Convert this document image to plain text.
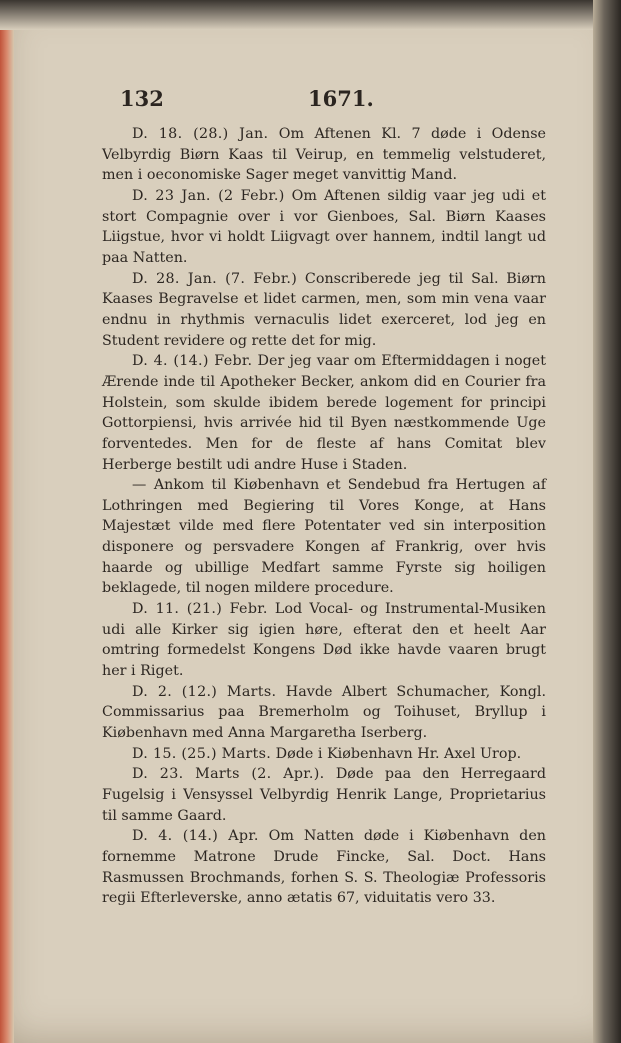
132	1671.

D. 18. (28.) Jan. Om Aftenen Kl. 7 døde i Odense Velbyrdig Biørn Kaas til Veirup, en temmelig velstuderet, men i oeconomiske Sager meget vanvittig Mand.

D. 23 Jan. (2 Febr.) Om Aftenen sildig vaar jeg udi et stort Compagnie over i vor Gienboes, Sal. Biørn Kaases Liigstue, hvor vi holdt Liigvagt over hannem, indtil langt ud paa Natten.

D. 28. Jan. (7. Febr.) Conscriberede jeg til Sal. Biørn Kaases Begravelse et lidet carmen, men, som min vena vaar endnu in rhythmis vernaculis lidet exerceret, lod jeg en Student revidere og rette det for mig.

D. 4. (14.) Febr. Der jeg vaar om Eftermiddagen i noget Ærende inde til Apotheker Becker, ankom did en Courier fra Holstein, som skulde ibidem berede logement for principi Gottorpiensi, hvis arrivée hid til Byen næstkommende Uge forventedes. Men for de fleste af hans Comitat blev Herberge bestilt udi andre Huse i Staden.

— Ankom til Kiøbenhavn et Sendebud fra Hertugen af Lothringen med Begiering til Vores Konge, at Hans Majestæt vilde med flere Potentater ved sin interposition disponere og persvadere Kongen af Frankrig, over hvis haarde og ubillige Medfart samme Fyrste sig hoiligen beklagede, til nogen mildere procedure.

D. 11. (21.) Febr. Lod Vocal- og Instrumental-Musiken udi alle Kirker sig igien høre, efterat den et heelt Aar omtring formedelst Kongens Død ikke havde vaaren brugt her i Riget.

D. 2. (12.) Marts. Havde Albert Schumacher, Kongl. Commissarius paa Bremerholm og Toihuset, Bryllup i Kiøbenhavn med Anna Margaretha Iserberg.

D. 15. (25.) Marts. Døde i Kiøbenhavn Hr. Axel Urop.

D. 23. Marts (2. Apr.). Døde paa den Herregaard Fugelsig i Vensyssel Velbyrdig Henrik Lange, Proprietarius til samme Gaard.

D. 4. (14.) Apr. Om Natten døde i Kiøbenhavn den fornemme Matrone Drude Fincke, Sal. Doct. Hans Rasmussen Brochmands, forhen S. S. Theologiæ Professoris regii Efterleverske, anno ætatis 67, viduitatis vero 33.
